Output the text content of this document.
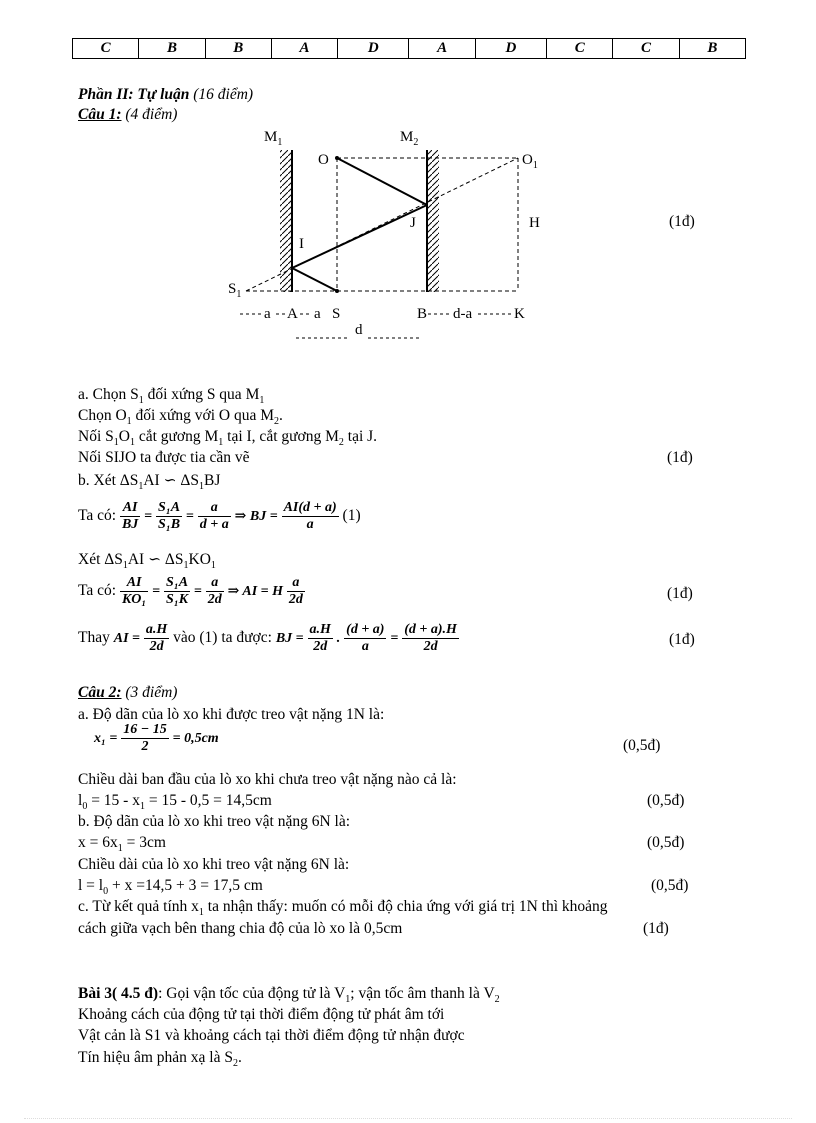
C	B	B	A	D	A	D	C	C	B
Phần II: Tự luận (16 điểm)
Câu 1: (4 điểm)
$M_1$	$M_2$
O	$O_1$
H
J
I
$S_1$
a A a S	B d-a	K
d
(1đ)
a. Chọn $S_1$ đối xứng S qua $M_1$
Chọn $O_1$ đối xứng với O qua $M_2$.
Nối $S_1O_1$ cắt gương $M_1$ tại I, cắt gương $M_2$ tại J.
Nối SIJO ta được tia cần vẽ	(1đ)
b. Xét $\Delta S_1AI$ ∽ $\Delta S_1BJ$
Ta có: $\frac{AI}{BJ} = \frac{\text{S₁A}}{\text{S₁B}} = \frac{a}{d + a}$ ⇒ BJ = $\frac{AI(d + a)}{a} (1)$
Xét $\Delta S_1AI$ ∽ $\Delta S_1KO_1$
Ta có: $\frac{AI}{\text{KO₁}} = \frac{\text{S₁A}}{\text{S₁K}} = \frac{a}{2d}$ ⇒ AI = H $\frac{a}{2d}$	(1đ)
Thay AI = $\frac{a.H}{2d}$ vào (1) ta được: BJ = $\frac{a.H}{2d}$ . $\frac{(d + a)}{a} = \frac{(d + a).H}{2d}$	(1đ)
Câu 2: (3 điểm)
a. Độ dãn của lò xo khi được treo vật nặng 1N là:
$x_1 = \frac{16 - 15}{2} = 0,5cm$	(0,5đ)
Chiều dài ban đầu của lò xo khi chưa treo vật nặng nào cả là:
$l_0 = 15 - x_1 = 15 - 0,5 = 14,5cm$	(0,5đ)
b. Độ dãn của lò xo khi treo vật nặng 6N là:
$x = 6x_1 = 3cm$	(0,5đ)
Chiều dài của lò xo khi treo vật nặng 6N là:
$l = l_0 + x =14,5 + 3 = 17,5$ cm	(0,5đ)
c. Từ kết quả tính $x_1$ ta nhận thấy: muốn có mỗi độ chia ứng với giá trị 1N thì khoảng
cách giữa vạch bên thang chia độ của lò xo là 0,5cm	(1đ)
Bài 3( 4.5 đ): Gọi vận tốc của động tử là $V_1$; vận tốc âm thanh là $V_2$
Khoảng cách của động tử tại thời điểm động tử phát âm tới
Vật cản là S1 và khoảng cách tại thời điểm động tử nhận được
Tín hiệu âm phản xạ là $S_2$.
